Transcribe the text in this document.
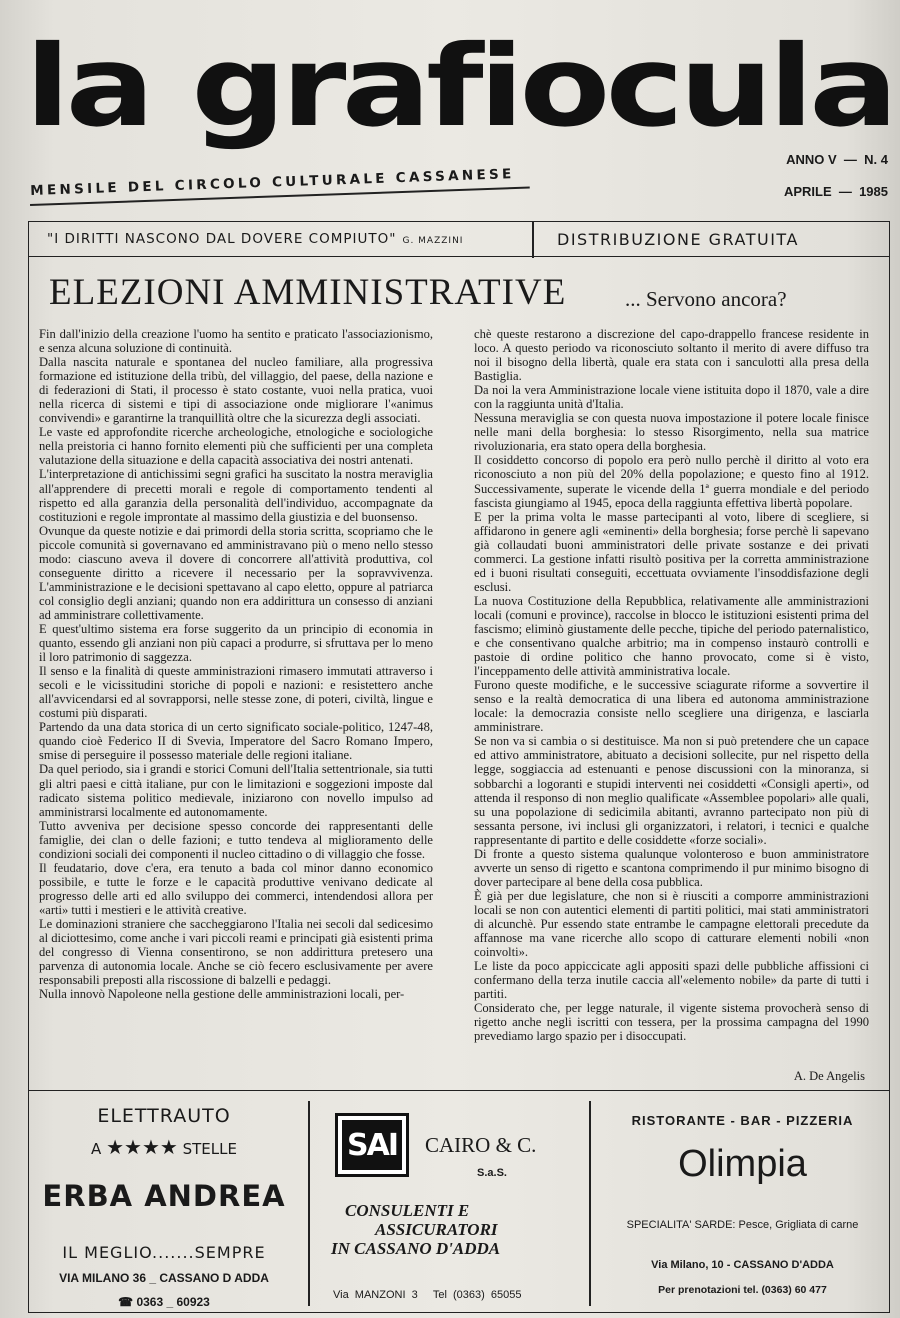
la grafiocula
MENSILE DEL CIRCOLO CULTURALE CASSANESE
ANNO V  —  N. 4
APRILE  —  1985
"I DIRITTI NASCONO DAL DOVERE COMPIUTO" G. MAZZINI	DISTRIBUZIONE GRATUITA
ELEZIONI AMMINISTRATIVE	... Servono ancora?

Fin dall'inizio della creazione l'uomo ha sentito e praticato l'associazionismo, e senza alcuna soluzione di continuità.

Dalla nascita naturale e spontanea del nucleo familiare, alla progressiva formazione ed istituzione della tribù, del villaggio, del paese, della nazione e di federazioni di Stati, il processo è stato costante, vuoi nella pratica, vuoi nella ricerca di sistemi e tipi di associazione onde migliorare l'«animus convivendi» e garantirne la tranquillità oltre che la sicurezza degli associati.

Le vaste ed approfondite ricerche archeologiche, etnologiche e sociologiche nella preistoria ci hanno fornito elementi più che sufficienti per una completa valutazione della situazione e della capacità associativa dei nostri antenati.

L'interpretazione di antichissimi segni grafici ha suscitato la nostra meraviglia all'apprendere di precetti morali e regole di comportamento tendenti al rispetto ed alla garanzia della personalità dell'individuo, accompagnate da costituzioni e regole improntate al massimo della giustizia e del buonsenso.

Ovunque da queste notizie e dai primordi della storia scritta, scopriamo che le piccole comunità si governavano ed amministravano più o meno nello stesso modo: ciascuno aveva il dovere di concorrere all'attività produttiva, col conseguente diritto a ricevere il necessario per la sopravvivenza. L'amministrazione e le decisioni spettavano al capo eletto, oppure al patriarca col consiglio degli anziani; quando non era addirittura un consesso di anziani ad amministrare collettivamente.

E quest'ultimo sistema era forse suggerito da un principio di economia in quanto, essendo gli anziani non più capaci a produrre, si sfruttava per lo meno il loro patrimonio di saggezza.

Il senso e la finalità di queste amministrazioni rimasero immutati attraverso i secoli e le vicissitudini storiche di popoli e nazioni: e resistettero anche all'avvicendarsi ed al sovrapporsi, nelle stesse zone, di poteri, civiltà, lingue e costumi più disparati.

Partendo da una data storica di un certo significato sociale-politico, 1247-48, quando cioè Federico II di Svevia, Imperatore del Sacro Romano Impero, smise di perseguire il possesso materiale delle regioni italiane.

Da quel periodo, sia i grandi e storici Comuni dell'Italia settentrionale, sia tutti gli altri paesi e città italiane, pur con le limitazioni e soggezioni imposte dal radicato sistema politico medievale, iniziarono con novello impulso ad amministrarsi localmente ed autonomamente.

Tutto avveniva per decisione spesso concorde dei rappresentanti delle famiglie, dei clan o delle fazioni; e tutto tendeva al miglioramento delle condizioni sociali dei componenti il nucleo cittadino o di villaggio che fosse.

Il feudatario, dove c'era, era tenuto a bada col minor danno economico possibile, e tutte le forze e le capacità produttive venivano dedicate al progresso delle arti ed allo sviluppo dei commerci, intendendosi allora per «arti» tutti i mestieri e le attività creative.

Le dominazioni straniere che saccheggiarono l'Italia nei secoli dal sedicesimo al diciottesimo, come anche i vari piccoli reami e principati già esistenti prima del congresso di Vienna consentirono, se non addirittura pretesero una parvenza di autonomia locale. Anche se ciò fecero esclusivamente per avere responsabili preposti alla riscossione di balzelli e pedaggi.

Nulla innovò Napoleone nella gestione delle amministrazioni locali, per-

chè queste restarono a discrezione del capo-drappello francese residente in loco. A questo periodo va riconosciuto soltanto il merito di avere diffuso tra noi il bisogno della libertà, quale era stata con i sanculotti alla presa della Bastiglia.

Da noi la vera Amministrazione locale viene istituita dopo il 1870, vale a dire con la raggiunta unità d'Italia.

Nessuna meraviglia se con questa nuova impostazione il potere locale finisce nelle mani della borghesia: lo stesso Risorgimento, nella sua matrice rivoluzionaria, era stato opera della borghesia.

Il cosiddetto concorso di popolo era però nullo perchè il diritto al voto era riconosciuto a non più del 20% della popolazione; e questo fino al 1912. Successivamente, superate le vicende della 1ª guerra mondiale e del periodo fascista giungiamo al 1945, epoca della raggiunta effettiva libertà popolare.

E per la prima volta le masse partecipanti al voto, libere di scegliere, si affidarono in genere agli «eminenti» della borghesia; forse perchè li sapevano già collaudati buoni amministratori delle private sostanze e dei privati commerci. La gestione infatti risultò positiva per la corretta amministrazione ed i buoni risultati conseguiti, eccettuata ovviamente l'insoddisfazione degli esclusi.

La nuova Costituzione della Repubblica, relativamente alle amministrazioni locali (comuni e province), raccolse in blocco le istituzioni esistenti prima del fascismo; eliminò giustamente delle pecche, tipiche del periodo paternalistico, e che consentivano qualche arbitrio; ma in compenso instaurò controlli e pastoie di ordine politico che hanno provocato, come si è visto, l'inceppamento delle attività amministrativa locale.

Furono queste modifiche, e le successive sciagurate riforme a sovvertire il senso e la realtà democratica di una libera ed autonoma amministrazione locale: la democrazia consiste nello scegliere una dirigenza, e lasciarla amministrare.

Se non va si cambia o si destituisce. Ma non si può pretendere che un capace ed attivo amministratore, abituato a decisioni sollecite, pur nel rispetto della legge, soggiaccia ad estenuanti e penose discussioni con la minoranza, si sobbarchi a logoranti e stupidi interventi nei cosiddetti «Consigli aperti», od attenda il responso di non meglio qualificate «Assemblee popolari» alle quali, su una popolazione di sedicimila abitanti, avranno partecipato non più di sessanta persone, ivi inclusi gli organizzatori, i relatori, i tecnici e qualche rappresentante di partito e delle cosiddette «forze sociali».

Di fronte a questo sistema qualunque volonteroso e buon amministratore avverte un senso di rigetto e scantona comprimendo il pur minimo bisogno di dover partecipare al bene della cosa pubblica.

È già per due legislature, che non si è riusciti a comporre amministrazioni locali se non con autentici elementi di partiti politici, mai stati amministratori di alcunchè. Pur essendo state entrambe le campagne elettorali precedute da affannose ma vane ricerche allo scopo di catturare elementi nobili «non coinvolti».

Le liste da poco appiccicate agli appositi spazi delle pubbliche affissioni ci confermano della terza inutile caccia all'«elemento nobile» da parte di tutti i partiti.

Considerato che, per legge naturale, il vigente sistema provocherà senso di rigetto anche negli iscritti con tessera, per la prossima campagna del 1990 prevediamo largo spazio per i disoccupati.

A. De Angelis
ELETTRAUTO
A ★★★★ STELLE
ERBA ANDREA
IL MEGLIO.......SEMPRE
VIA MILANO 36 _ CASSANO D ADDA
☎ 0363 _ 60923
SAI CAIRO & C.
S.a.S.
CONSULENTI E
ASSICURATORI
IN CASSANO D'ADDA
Via  MANZONI  3     Tel  (0363)  65055
RISTORANTE - BAR - PIZZERIA
Olimpia
SPECIALITA' SARDE: Pesce, Grigliata di carne
Via Milano, 10 - CASSANO D'ADDA
Per prenotazioni tel. (0363) 60 477
